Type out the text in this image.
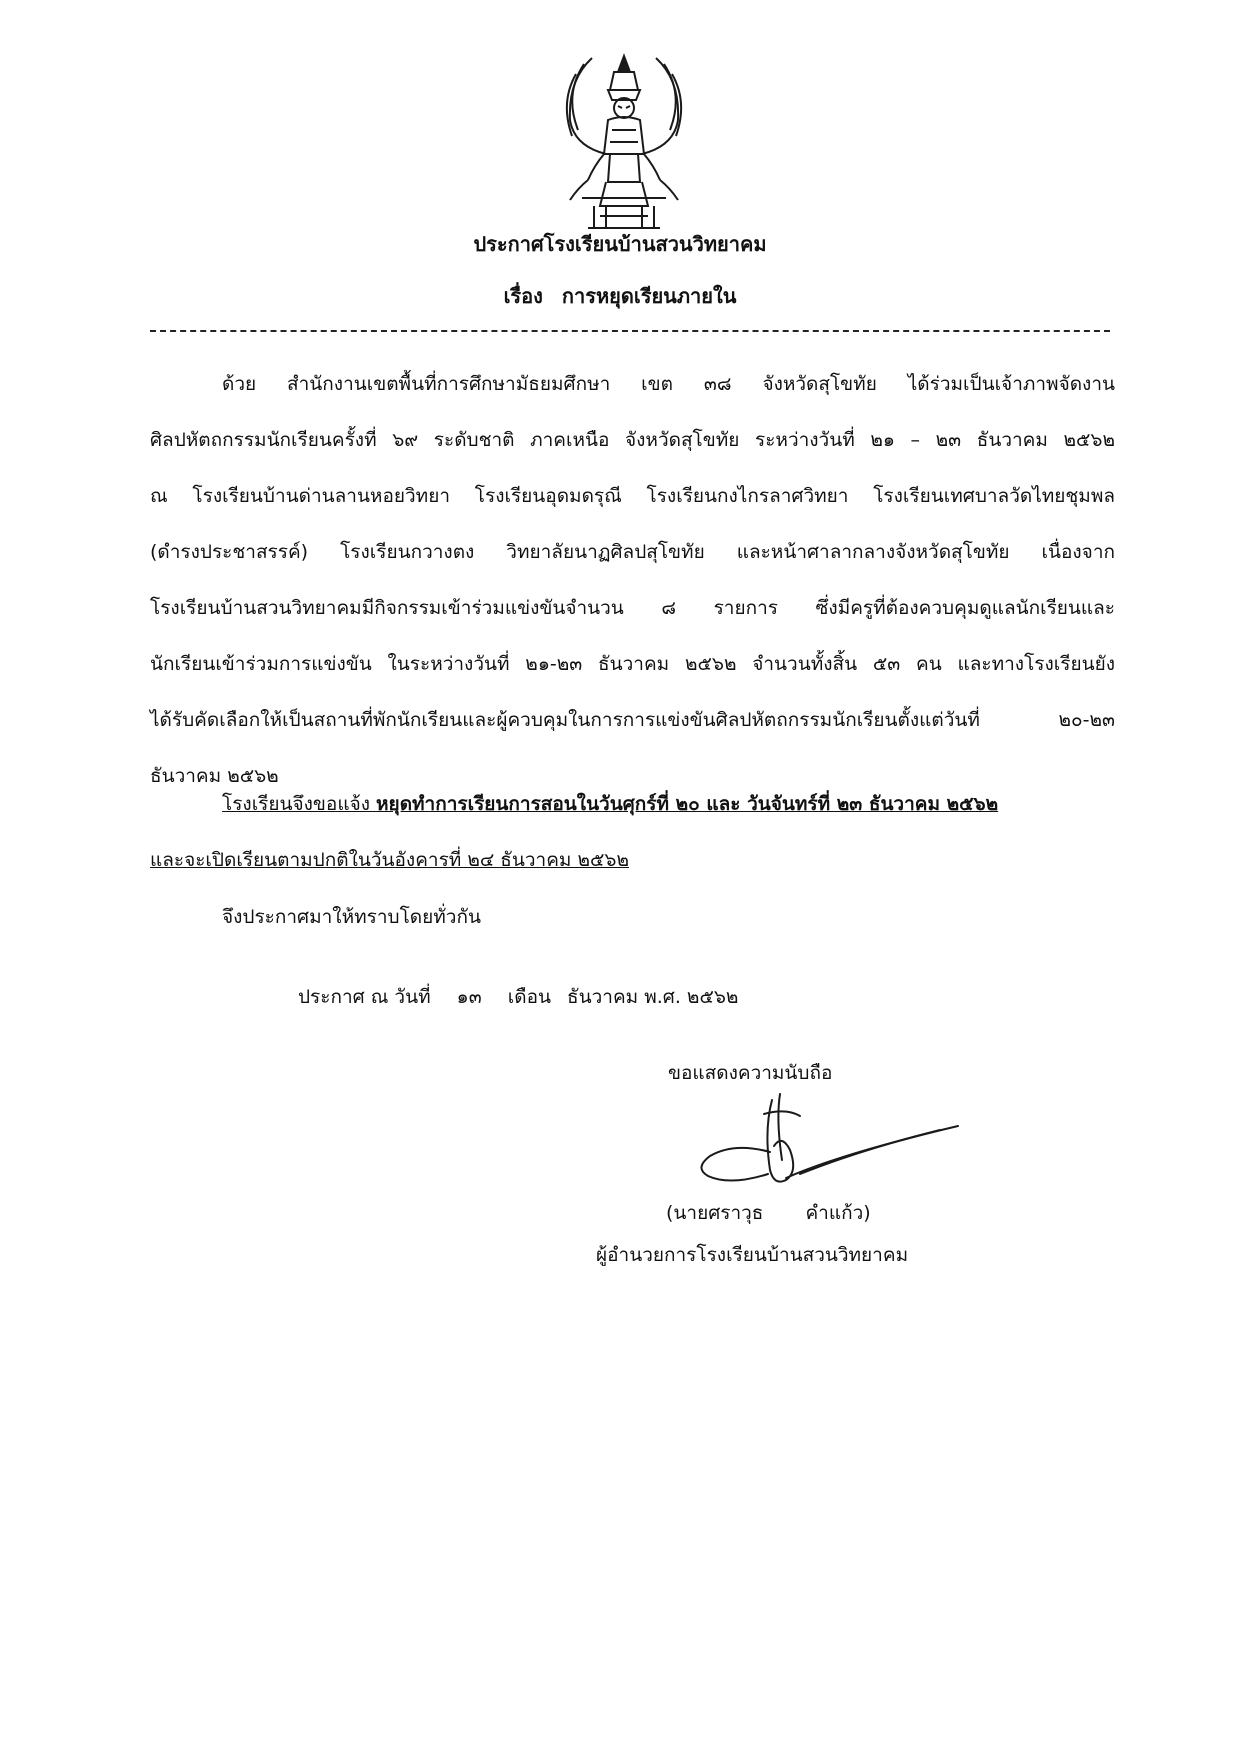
ประกาศโรงเรียนบ้านสวนวิทยาคม
เรื่อง การหยุดเรียนภายใน
ด้วย สำนักงานเขตพื้นที่การศึกษามัธยมศึกษา เขต ๓๘ จังหวัดสุโขทัย ได้ร่วมเป็นเจ้าภาพจัดงาน
ศิลปหัตถกรรมนักเรียนครั้งที่ ๖๙ ระดับชาติ ภาคเหนือ จังหวัดสุโขทัย ระหว่างวันที่ ๒๑ – ๒๓ ธันวาคม ๒๕๖๒
ณ โรงเรียนบ้านด่านลานหอยวิทยา โรงเรียนอุดมดรุณี โรงเรียนกงไกรลาศวิทยา โรงเรียนเทศบาลวัดไทยชุมพล
(ดำรงประชาสรรค์) โรงเรียนกวางตง วิทยาลัยนาฏศิลปสุโขทัย และหน้าศาลากลางจังหวัดสุโขทัย เนื่องจาก
โรงเรียนบ้านสวนวิทยาคมมีกิจกรรมเข้าร่วมแข่งขันจำนวน ๘ รายการ ซึ่งมีครูที่ต้องควบคุมดูแลนักเรียนและ
นักเรียนเข้าร่วมการแข่งขัน ในระหว่างวันที่ ๒๑-๒๓ ธันวาคม ๒๕๖๒ จำนวนทั้งสิ้น ๕๓ คน และทางโรงเรียนยัง
ได้รับคัดเลือกให้เป็นสถานที่พักนักเรียนและผู้ควบคุมในการการแข่งขันศิลปหัตถกรรมนักเรียนตั้งแต่วันที่ ๒๐-๒๓
ธันวาคม ๒๕๖๒
โรงเรียนจึงขอแจ้ง หยุดทำการเรียนการสอนในวันศุกร์ที่ ๒๐ และ วันจันทร์ที่ ๒๓ ธันวาคม ๒๕๖๒
และจะเปิดเรียนตามปกติในวันอังคารที่ ๒๔ ธันวาคม ๒๕๖๒
จึงประกาศมาให้ทราบโดยทั่วกัน
ประกาศ ณ วันที่ ๑๓ เดือน ธันวาคม พ.ศ. ๒๕๖๒
ขอแสดงความนับถือ
(นายศราวุธ คำแก้ว)
ผู้อำนวยการโรงเรียนบ้านสวนวิทยาคม
